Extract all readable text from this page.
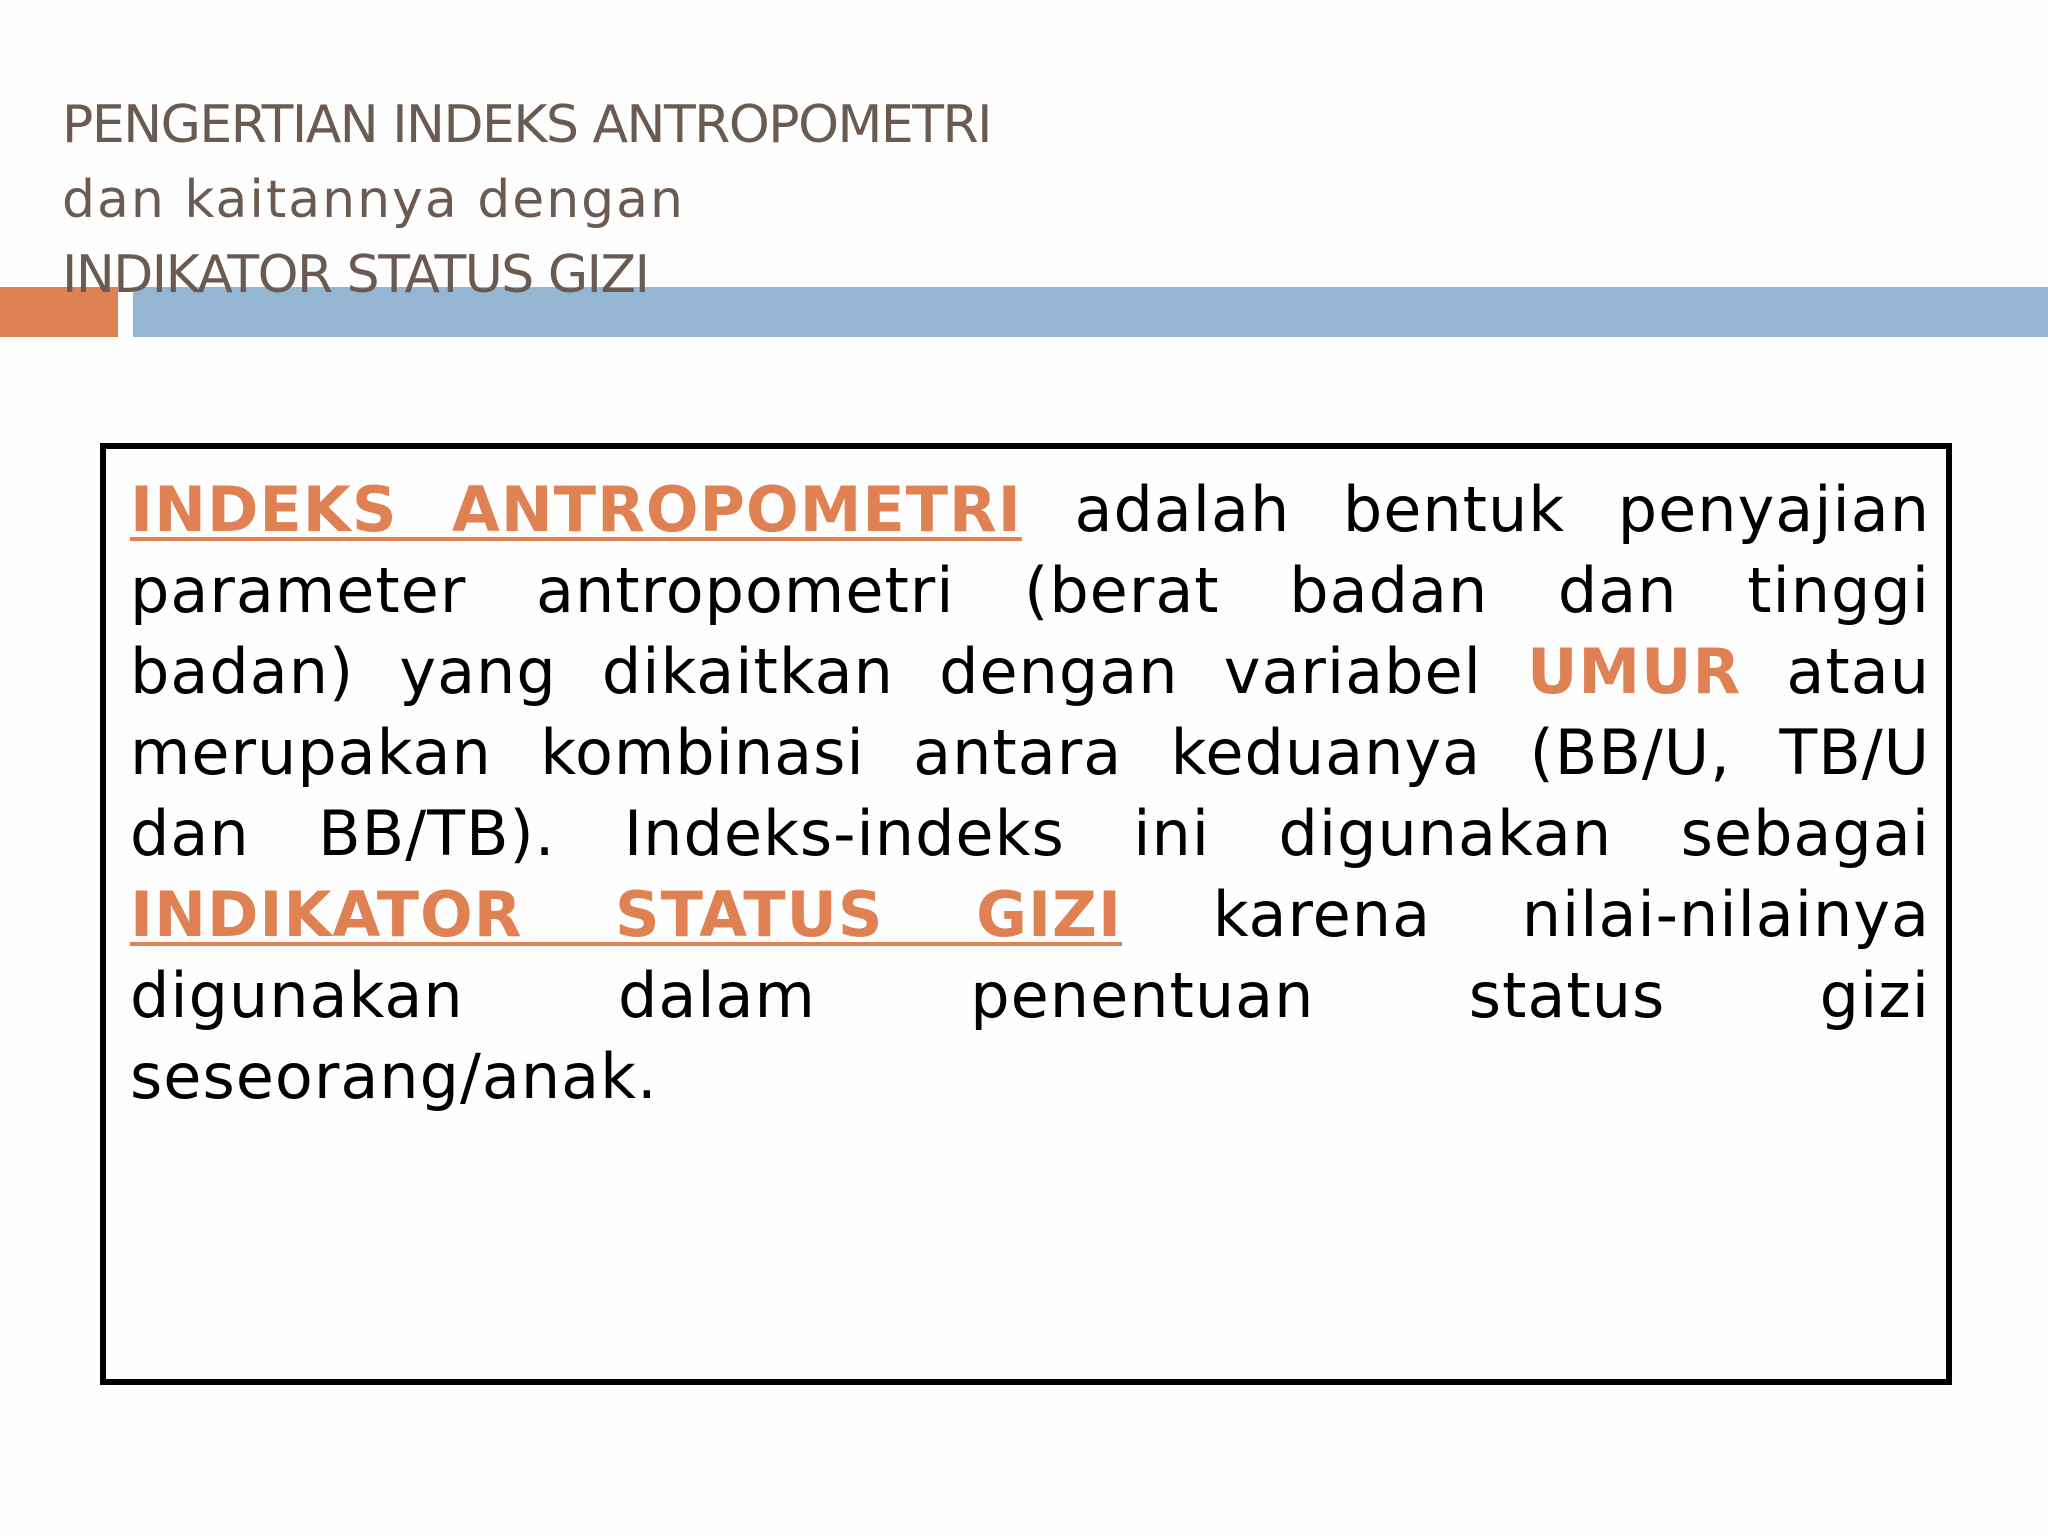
PENGERTIAN INDEKS ANTROPOMETRI
dan kaitannya dengan
INDIKATOR STATUS GIZI

INDEKS ANTROPOMETRI adalah bentuk penyajian parameter antropometri (berat badan dan tinggi badan) yang dikaitkan dengan variabel UMUR atau merupakan kombinasi antara keduanya (BB/U, TB/U dan BB/TB). Indeks-indeks ini digunakan sebagai INDIKATOR STATUS GIZI karena nilai-nilainya digunakan dalam penentuan status gizi seseorang/anak.
